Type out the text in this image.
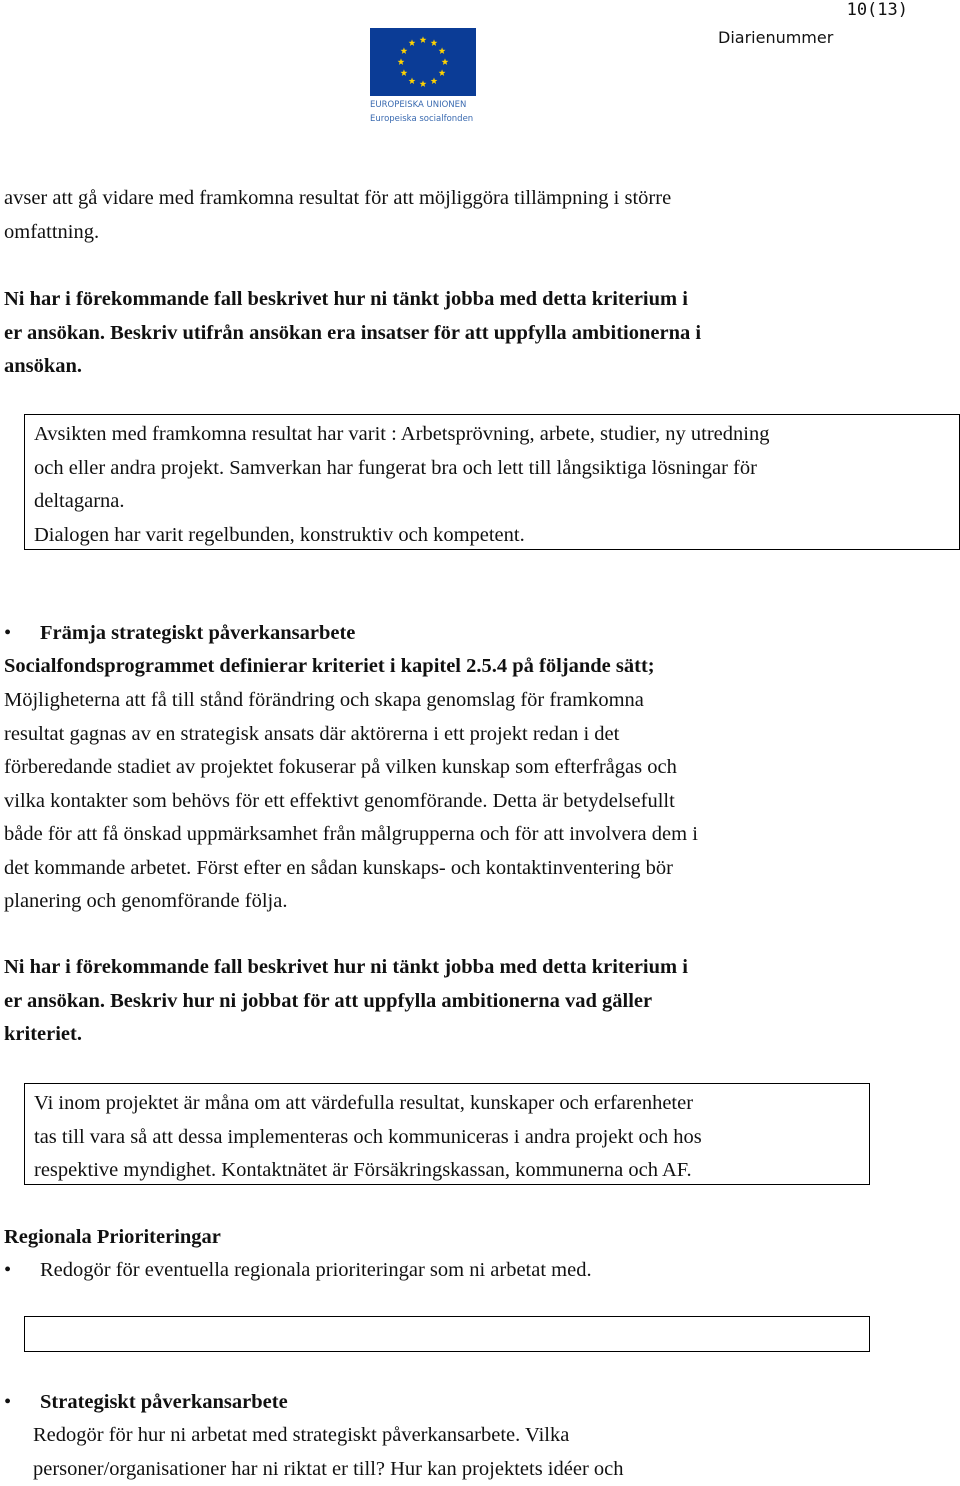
10(13)
Diarienummer
EUROPEISKA UNIONEN
Europeiska socialfonden
avser att gå vidare med framkomna resultat för att möjliggöra tillämpning i större
omfattning.
Ni har i förekommande fall beskrivet hur ni tänkt jobba med detta kriterium i
er ansökan. Beskriv utifrån ansökan era insatser för att uppfylla ambitionerna i
ansökan.
Avsikten med framkomna resultat har varit : Arbetsprövning, arbete, studier, ny utredning
och eller andra projekt. Samverkan har fungerat bra och lett till långsiktiga lösningar för
deltagarna.
Dialogen har varit regelbunden, konstruktiv och kompetent.
•	Främja strategiskt påverkansarbete
Socialfondsprogrammet definierar kriteriet i kapitel 2.5.4 på följande sätt;
Möjligheterna att få till stånd förändring och skapa genomslag för framkomna
resultat gagnas av en strategisk ansats där aktörerna i ett projekt redan i det
förberedande stadiet av projektet fokuserar på vilken kunskap som efterfrågas och
vilka kontakter som behövs för ett effektivt genomförande. Detta är betydelsefullt
både för att få önskad uppmärksamhet från målgrupperna och för att involvera dem i
det kommande arbetet. Först efter en sådan kunskaps- och kontaktinventering bör
planering och genomförande följa.
Ni har i förekommande fall beskrivet hur ni tänkt jobba med detta kriterium i
er ansökan. Beskriv hur ni jobbat för att uppfylla ambitionerna vad gäller
kriteriet.
Vi inom projektet är måna om att värdefulla resultat, kunskaper och erfarenheter
tas till vara så att dessa implementeras och kommuniceras i andra projekt och hos
respektive myndighet. Kontaktnätet är Försäkringskassan, kommunerna och AF.
Regionala Prioriteringar
•	Redogör för eventuella regionala prioriteringar som ni arbetat med.
•	Strategiskt påverkansarbete
Redogör för hur ni arbetat med strategiskt påverkansarbete. Vilka
personer/organisationer har ni riktat er till? Hur kan projektets idéer och
